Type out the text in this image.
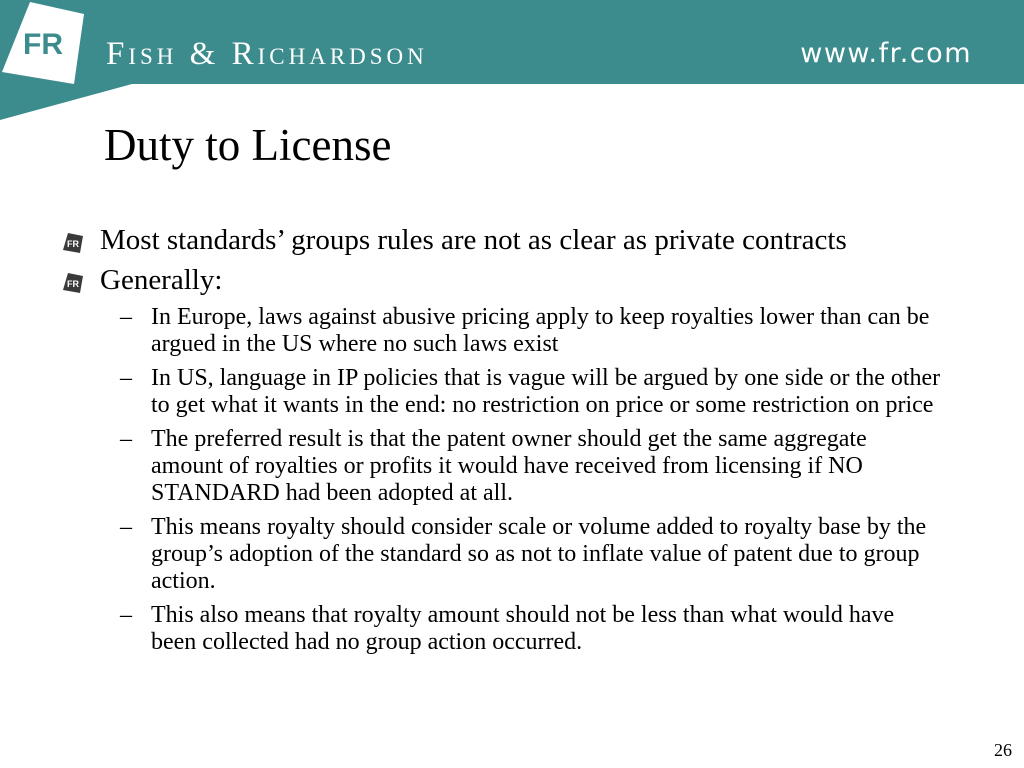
FR Fish & Richardson	www.fr.com
Duty to License
FR Most standards’ groups rules are not as clear as private contracts
FR Generally:
– In Europe, laws against abusive pricing apply to keep royalties lower than can be argued in the US where no such laws exist
– In US, language in IP policies that is vague will be argued by one side or the other to get what it wants in the end: no restriction on price or some restriction on price
– The preferred result is that the patent owner should get the same aggregate amount of royalties or profits it would have received from licensing if NO STANDARD had been adopted at all.
– This means royalty should consider scale or volume added to royalty base by the group’s adoption of the standard so as not to inflate value of patent due to group action.
– This also means that royalty amount should not be less than what would have been collected had no group action occurred.
26
